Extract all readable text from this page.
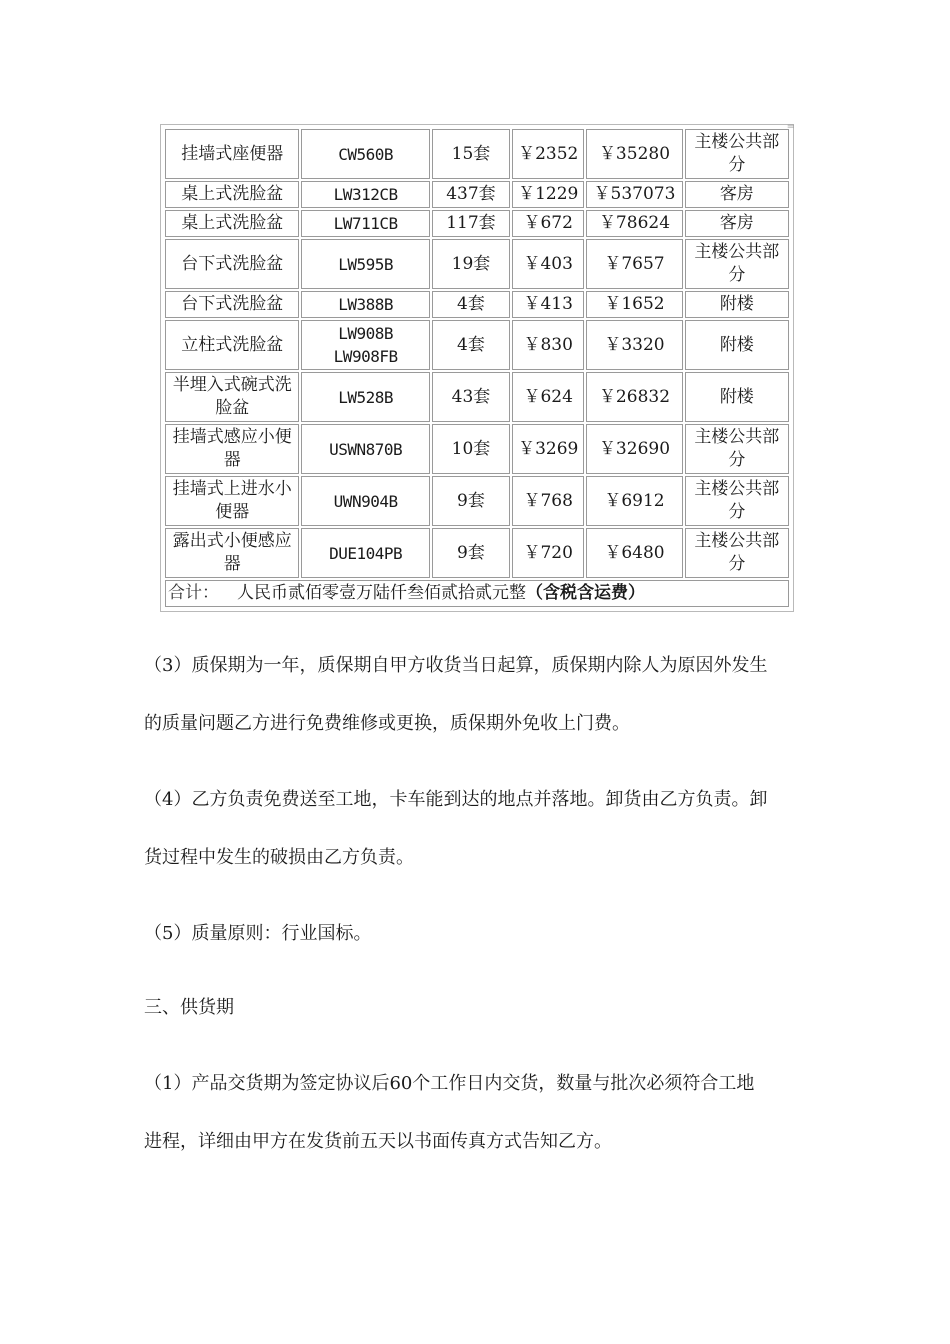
=
挂墙式座便器	CW560B	15套	￥2352	￥35280	主楼公共部分
桌上式洗脸盆	LW312CB	437套	￥1229	￥537073	客房
桌上式洗脸盆	LW711CB	117套	￥672	￥78624	客房
台下式洗脸盆	LW595B	19套	￥403	￥7657	主楼公共部分
台下式洗脸盆	LW388B	4套	￥413	￥1652	附楼
立柱式洗脸盆	LW908B LW908FB	4套	￥830	￥3320	附楼
半埋入式碗式洗脸盆	LW528B	43套	￥624	￥26832	附楼
挂墙式感应小便器	USWN870B	10套	￥3269	￥32690	主楼公共部分
挂墙式上进水小便器	UWN904B	9套	￥768	￥6912	主楼公共部分
露出式小便感应器	DUE104PB	9套	￥720	￥6480	主楼公共部分
合计： 人民币贰佰零壹万陆仟叁佰贰拾贰元整（含税含运费）					

（3）质保期为一年，质保期自甲方收货当日起算，质保期内除人为原因外发生

的质量问题乙方进行免费维修或更换，质保期外免收上门费。

（4）乙方负责免费送至工地，卡车能到达的地点并落地。卸货由乙方负责。卸

货过程中发生的破损由乙方负责。

（5）质量原则：行业国标。

三、供货期

（1）产品交货期为签定协议后60个工作日内交货，数量与批次必须符合工地

进程，详细由甲方在发货前五天以书面传真方式告知乙方。
